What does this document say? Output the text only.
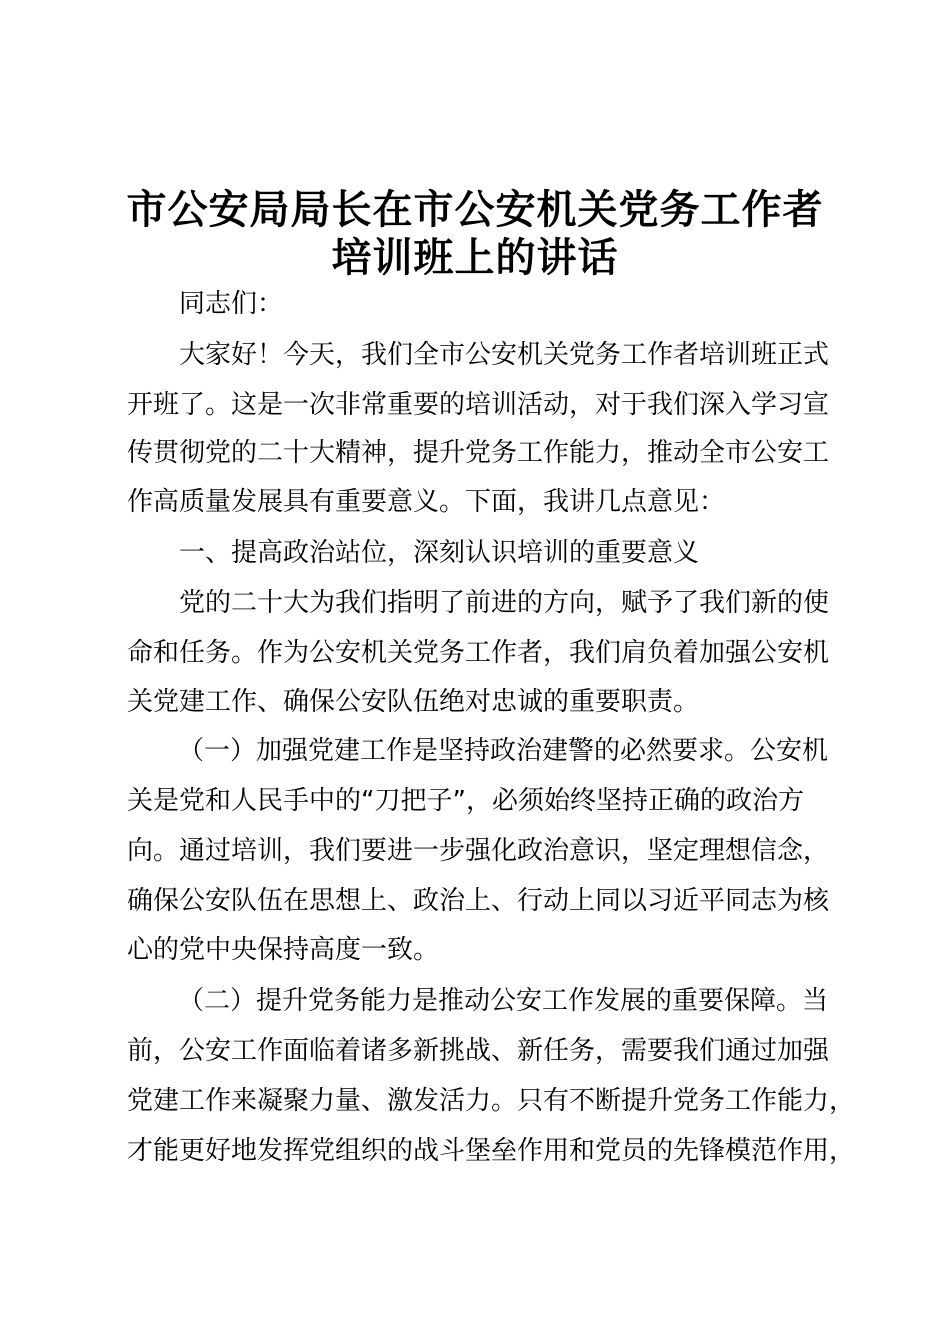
市公安局局长在市公安机关党务工作者
培训班上的讲话
同志们：
大家好！今天，我们全市公安机关党务工作者培训班正式
开班了。这是一次非常重要的培训活动，对于我们深入学习宣
传贯彻党的二十大精神，提升党务工作能力，推动全市公安工
作高质量发展具有重要意义。下面，我讲几点意见：
一、提高政治站位，深刻认识培训的重要意义
党的二十大为我们指明了前进的方向，赋予了我们新的使
命和任务。作为公安机关党务工作者，我们肩负着加强公安机
关党建工作、确保公安队伍绝对忠诚的重要职责。
（一）加强党建工作是坚持政治建警的必然要求。公安机
关是党和人民手中的“刀把子”，必须始终坚持正确的政治方
向。通过培训，我们要进一步强化政治意识，坚定理想信念，
确保公安队伍在思想上、政治上、行动上同以习近平同志为核
心的党中央保持高度一致。
（二）提升党务能力是推动公安工作发展的重要保障。当
前，公安工作面临着诸多新挑战、新任务，需要我们通过加强
党建工作来凝聚力量、激发活力。只有不断提升党务工作能力，
才能更好地发挥党组织的战斗堡垒作用和党员的先锋模范作用，
